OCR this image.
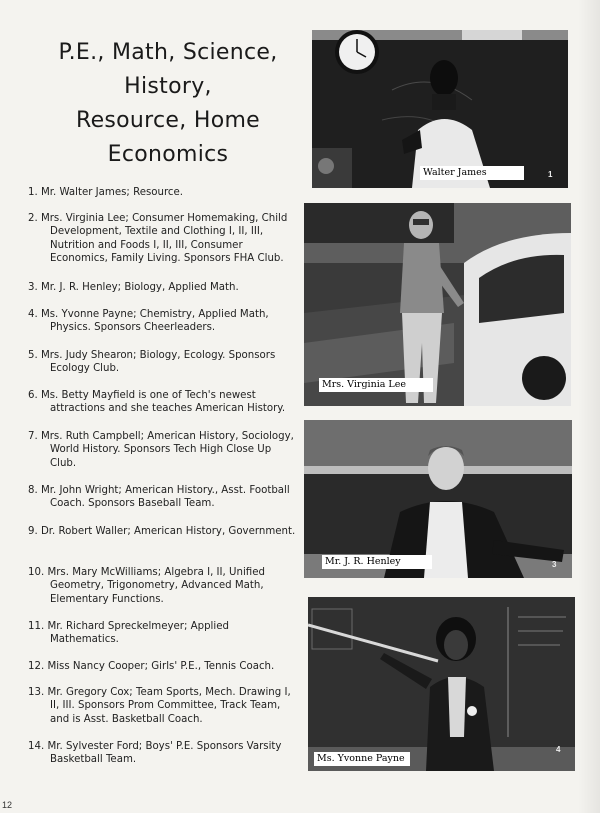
P.E., Math, Science,
History,
Resource, Home
Economics
1. Mr. Walter James; Resource.
2. Mrs. Virginia Lee; Consumer Homemaking, Child Development, Textile and Clothing I, II, III, Nutrition and Foods I, II, III, Consumer Economics, Family Living. Sponsors FHA Club.
3. Mr. J. R. Henley; Biology, Applied Math.
4. Ms. Yvonne Payne; Chemistry, Applied Math, Physics. Sponsors Cheerleaders.
5. Mrs. Judy Shearon; Biology, Ecology. Sponsors Ecology Club.
6. Ms. Betty Mayfield is one of Tech's newest attractions and she teaches American History.
7. Mrs. Ruth Campbell; American History, Sociology, World History. Sponsors Tech High Close Up Club.
8. Mr. John Wright; American History., Asst. Football Coach. Sponsors Baseball Team.
9. Dr. Robert Waller; American History, Government.
10. Mrs. Mary McWilliams; Algebra I, II, Unified Geometry, Trigonometry, Advanced Math, Elementary Functions.
11. Mr. Richard Spreckelmeyer; Applied Mathematics.
12. Miss Nancy Cooper; Girls' P.E., Tennis Coach.
13. Mr. Gregory Cox; Team Sports, Mech. Drawing I, II, III. Sponsors Prom Committee, Track Team, and is Asst. Basketball Coach.
14. Mr. Sylvester Ford; Boys' P.E. Sponsors Varsity Basketball Team.
Walter James	1
Mrs. Virginia Lee
Mr. J. R. Henley	3
Ms. Yvonne Payne
4
12
